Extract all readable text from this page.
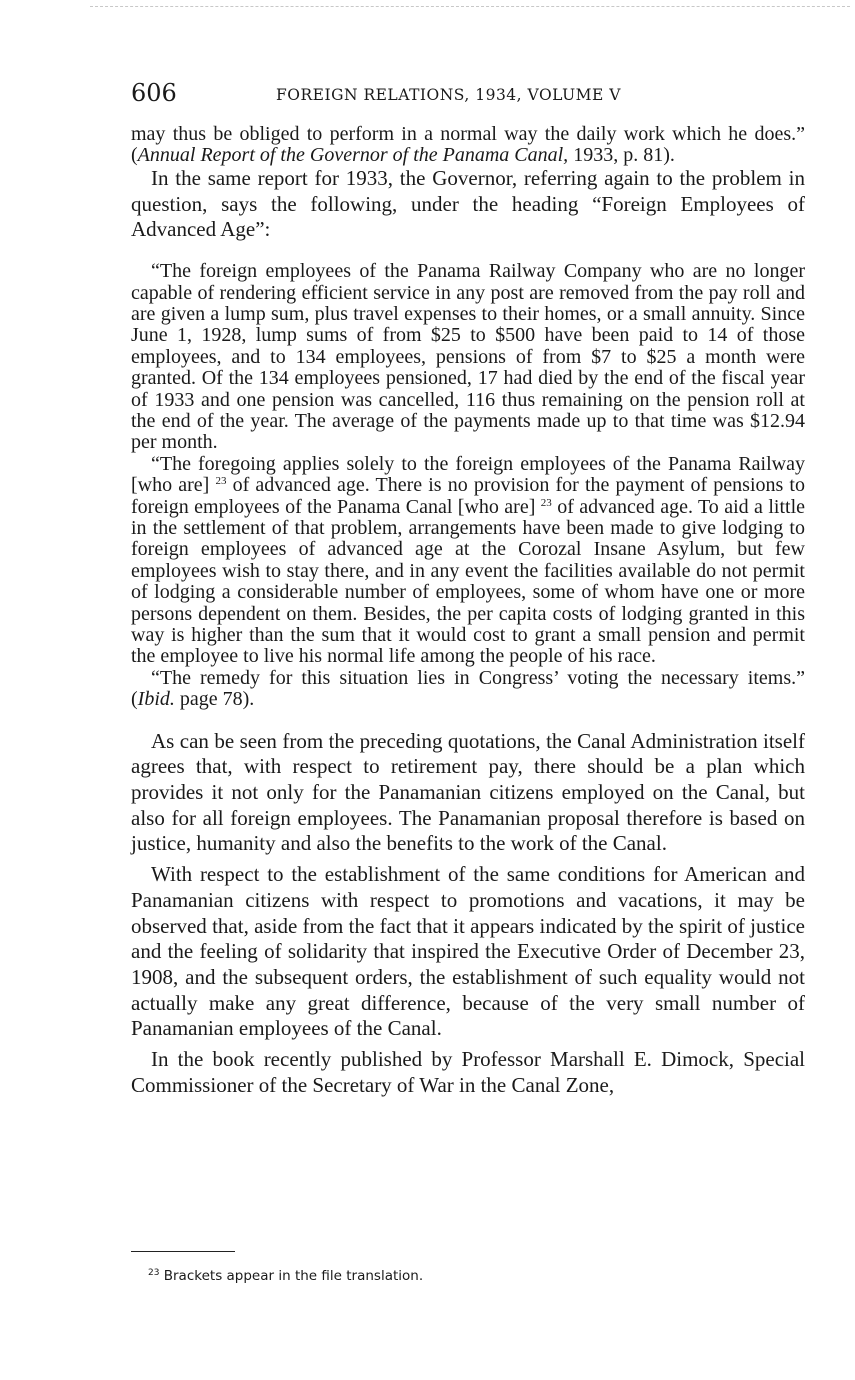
606	FOREIGN RELATIONS, 1934, VOLUME V

may thus be obliged to perform in a normal way the daily work which he does.” (Annual Report of the Governor of the Panama Canal, 1933, p. 81).

In the same report for 1933, the Governor, referring again to the problem in question, says the following, under the heading “Foreign Employees of Advanced Age”:

“The foreign employees of the Panama Railway Company who are no longer capable of rendering efficient service in any post are removed from the pay roll and are given a lump sum, plus travel expenses to their homes, or a small annuity. Since June 1, 1928, lump sums of from $25 to $500 have been paid to 14 of those employees, and to 134 employees, pensions of from $7 to $25 a month were granted. Of the 134 employees pensioned, 17 had died by the end of the fiscal year of 1933 and one pension was cancelled, 116 thus remaining on the pension roll at the end of the year. The average of the payments made up to that time was $12.94 per month.

“The foregoing applies solely to the foreign employees of the Panama Railway [who are] $^{23}$ of advanced age. There is no provision for the payment of pensions to foreign employees of the Panama Canal [who are] $^{23}$ of advanced age. To aid a little in the settlement of that problem, arrangements have been made to give lodging to foreign employees of advanced age at the Corozal Insane Asylum, but few employees wish to stay there, and in any event the facilities available do not permit of lodging a considerable number of employees, some of whom have one or more persons dependent on them. Besides, the per capita costs of lodging granted in this way is higher than the sum that it would cost to grant a small pension and permit the employee to live his normal life among the people of his race.

“The remedy for this situation lies in Congress’ voting the necessary items.” (Ibid. page 78).

As can be seen from the preceding quotations, the Canal Administration itself agrees that, with respect to retirement pay, there should be a plan which provides it not only for the Panamanian citizens employed on the Canal, but also for all foreign employees. The Panamanian proposal therefore is based on justice, humanity and also the benefits to the work of the Canal.

With respect to the establishment of the same conditions for American and Panamanian citizens with respect to promotions and vacations, it may be observed that, aside from the fact that it appears indicated by the spirit of justice and the feeling of solidarity that inspired the Executive Order of December 23, 1908, and the subsequent orders, the establishment of such equality would not actually make any great difference, because of the very small number of Panamanian employees of the Canal.

In the book recently published by Professor Marshall E. Dimock, Special Commissioner of the Secretary of War in the Canal Zone,

$^{23}$ Brackets appear in the file translation.
